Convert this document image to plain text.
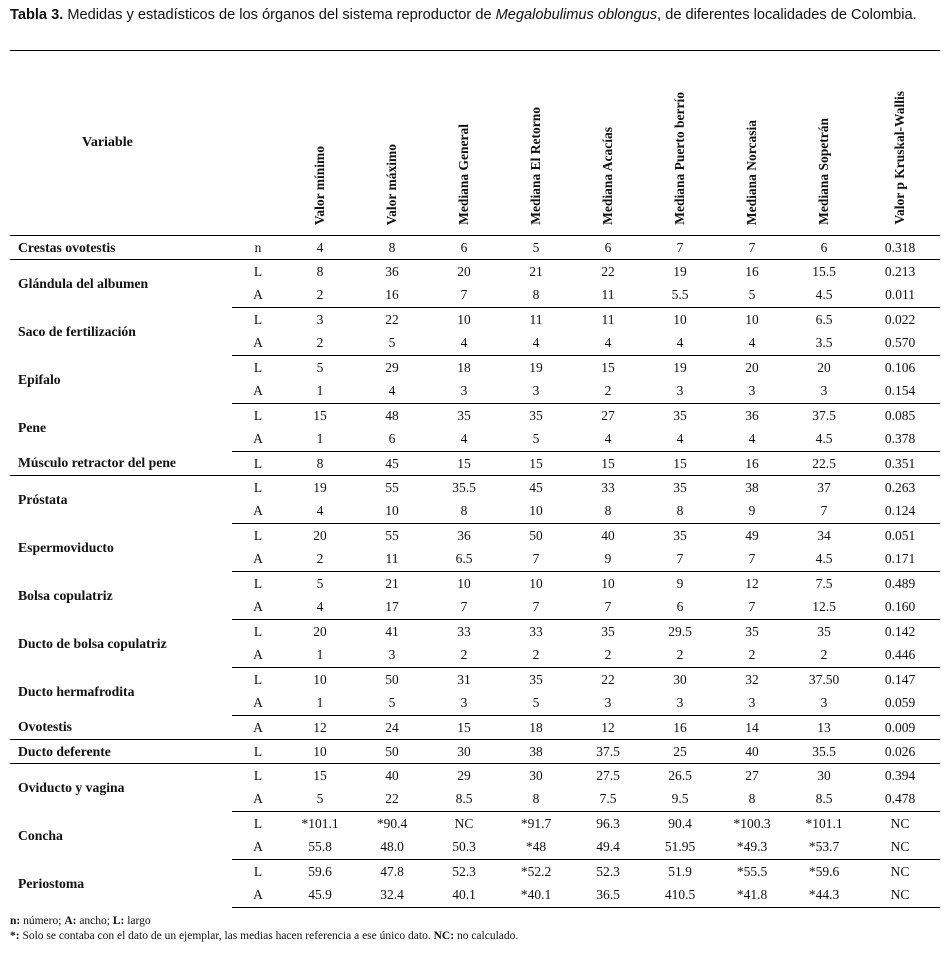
Tabla 3. Medidas y estadísticos de los órganos del sistema reproductor de Megalobulimus oblongus, de diferentes localidades de Colombia.
Variable		Valor mínimo	Valor máximo	Mediana General	Mediana El Retorno	Mediana Acacías	Mediana Puerto berrío	Mediana Norcasia	Mediana Sopetrán	Valor p Kruskal-Wallis
Crestas ovotestis	n	4	8	6	5	6	7	7	6	0.318
Glándula del albumen	L	8	36	20	21	22	19	16	15.5	0.213
	A	2	16	7	8	11	5.5	5	4.5	0.011
Saco de fertilización	L	3	22	10	11	11	10	10	6.5	0.022
	A	2	5	4	4	4	4	4	3.5	0.570
Epifalo	L	5	29	18	19	15	19	20	20	0.106
	A	1	4	3	3	2	3	3	3	0.154
Pene	L	15	48	35	35	27	35	36	37.5	0.085
	A	1	6	4	5	4	4	4	4.5	0.378
Músculo retractor del pene	L	8	45	15	15	15	15	16	22.5	0.351
Próstata	L	19	55	35.5	45	33	35	38	37	0.263
	A	4	10	8	10	8	8	9	7	0.124
Espermoviducto	L	20	55	36	50	40	35	49	34	0.051
	A	2	11	6.5	7	9	7	7	4.5	0.171
Bolsa copulatriz	L	5	21	10	10	10	9	12	7.5	0.489
	A	4	17	7	7	7	6	7	12.5	0.160
Ducto de bolsa copulatriz	L	20	41	33	33	35	29.5	35	35	0.142
	A	1	3	2	2	2	2	2	2	0.446
Ducto hermafrodita	L	10	50	31	35	22	30	32	37.50	0.147
	A	1	5	3	5	3	3	3	3	0.059
Ovotestis	A	12	24	15	18	12	16	14	13	0.009
Ducto deferente	L	10	50	30	38	37.5	25	40	35.5	0.026
Oviducto y vagina	L	15	40	29	30	27.5	26.5	27	30	0.394
	A	5	22	8.5	8	7.5	9.5	8	8.5	0.478
Concha	L	*101.1	*90.4	NC	*91.7	96.3	90.4	*100.3	*101.1	NC
	A	55.8	48.0	50.3	*48	49.4	51.95	*49.3	*53.7	NC
Periostoma	L	59.6	47.8	52.3	*52.2	52.3	51.9	*55.5	*59.6	NC
	A	45.9	32.4	40.1	*40.1	36.5	410.5	*41.8	*44.3	NC
n: número; A: ancho; L: largo
*: Solo se contaba con el dato de un ejemplar, las medias hacen referencia a ese único dato. NC: no calculado.
